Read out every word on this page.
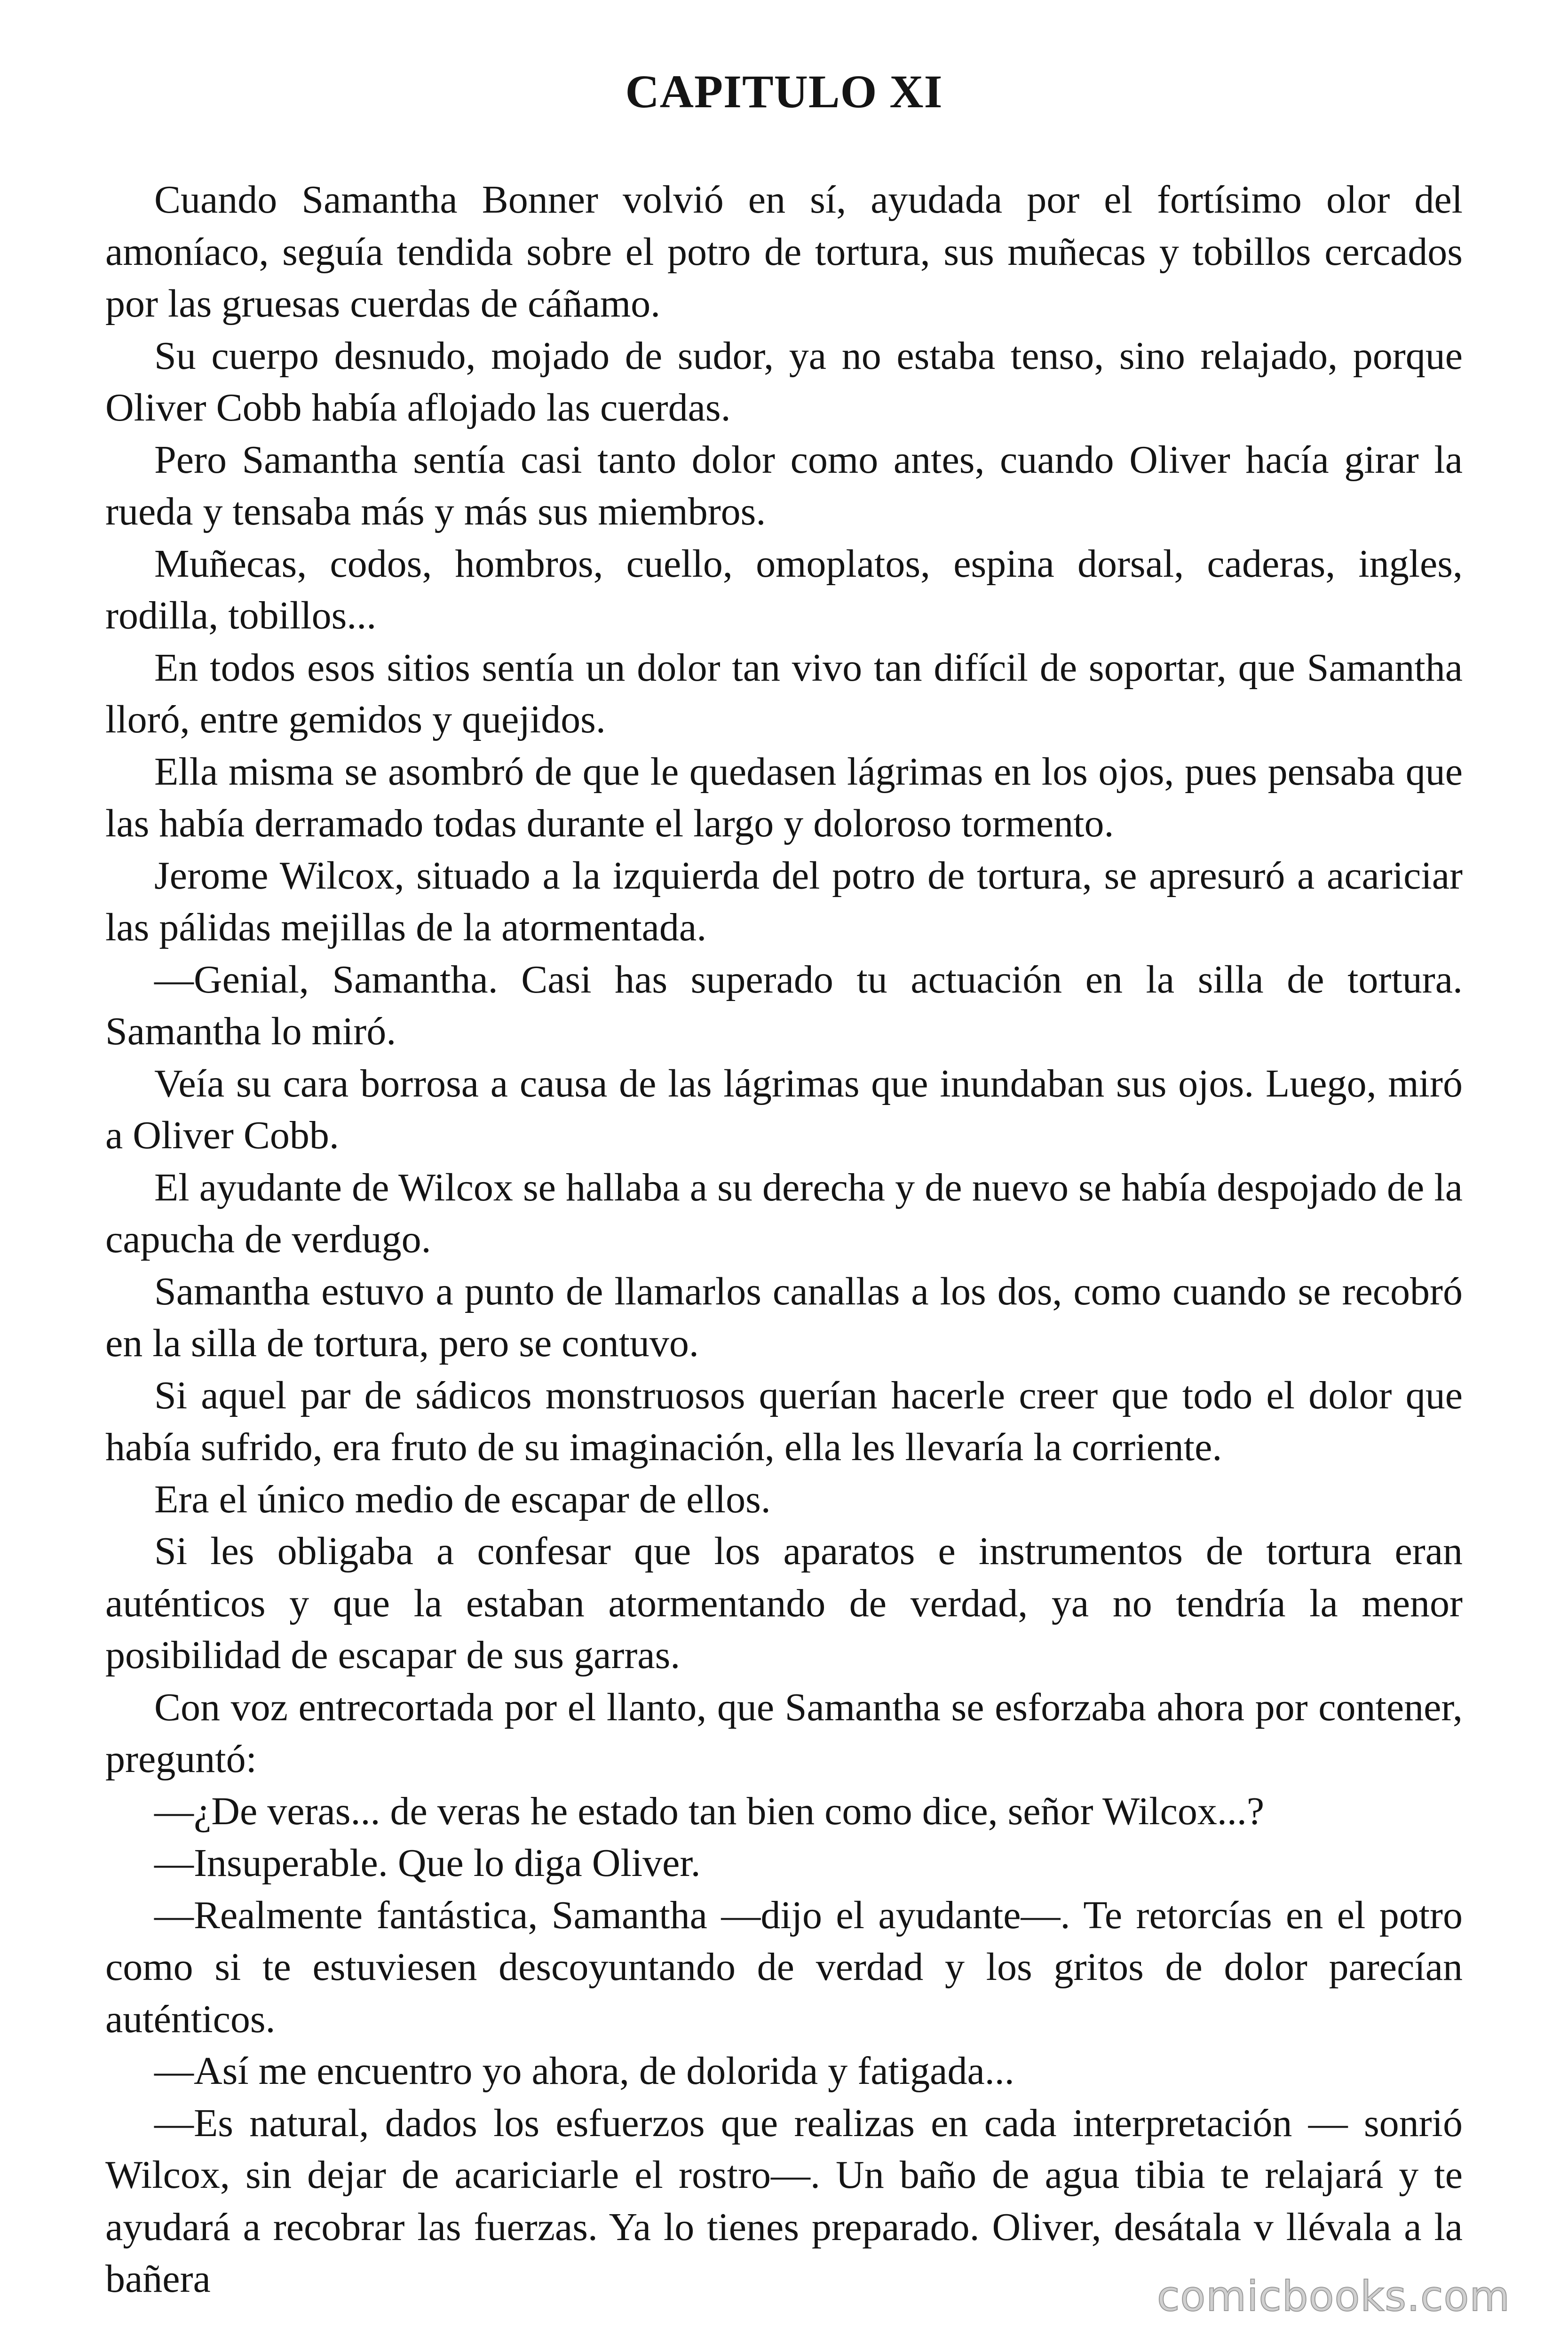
CAPITULO XI

Cuando Samantha Bonner volvió en sí, ayudada por el fortísimo olor del amoníaco, seguía tendida sobre el potro de tortura, sus muñecas y tobillos cercados por las gruesas cuerdas de cáñamo.

Su cuerpo desnudo, mojado de sudor, ya no estaba tenso, sino relajado, porque Oliver Cobb había aflojado las cuerdas.

Pero Samantha sentía casi tanto dolor como antes, cuando Oliver hacía girar la rueda y tensaba más y más sus miembros.

Muñecas, codos, hombros, cuello, omoplatos, espina dorsal, caderas, ingles, rodilla, tobillos...

En todos esos sitios sentía un dolor tan vivo tan difícil de soportar, que Samantha lloró, entre gemidos y quejidos.

Ella misma se asombró de que le quedasen lágrimas en los ojos, pues pensaba que las había derramado todas durante el largo y doloroso tormento.

Jerome Wilcox, situado a la izquierda del potro de tortura, se apresuró a acariciar las pálidas mejillas de la atormentada.

—Genial, Samantha. Casi has superado tu actuación en la silla de tortura. Samantha lo miró.

Veía su cara borrosa a causa de las lágrimas que inundaban sus ojos. Luego, miró a Oliver Cobb.

El ayudante de Wilcox se hallaba a su derecha y de nuevo se había despojado de la capucha de verdugo.

Samantha estuvo a punto de llamarlos canallas a los dos, como cuando se recobró en la silla de tortura, pero se contuvo.

Si aquel par de sádicos monstruosos querían hacerle creer que todo el dolor que había sufrido, era fruto de su imaginación, ella les llevaría la corriente.

Era el único medio de escapar de ellos.

Si les obligaba a confesar que los aparatos e instrumentos de tortura eran auténticos y que la estaban atormentando de verdad, ya no tendría la menor posibilidad de escapar de sus garras.

Con voz entrecortada por el llanto, que Samantha se esforzaba ahora por contener, preguntó:

—¿De veras... de veras he estado tan bien como dice, señor Wilcox...?

—Insuperable. Que lo diga Oliver.

—Realmente fantástica, Samantha —dijo el ayudante—. Te retorcías en el potro como si te estuviesen descoyuntando de verdad y los gritos de dolor parecían auténticos.

—Así me encuentro yo ahora, de dolorida y fatigada...

—Es natural, dados los esfuerzos que realizas en cada interpretación — sonrió Wilcox, sin dejar de acariciarle el rostro—. Un baño de agua tibia te relajará y te ayudará a recobrar las fuerzas. Ya lo tienes preparado. Oliver, desátala v llévala a la bañera	comicbooks.com
